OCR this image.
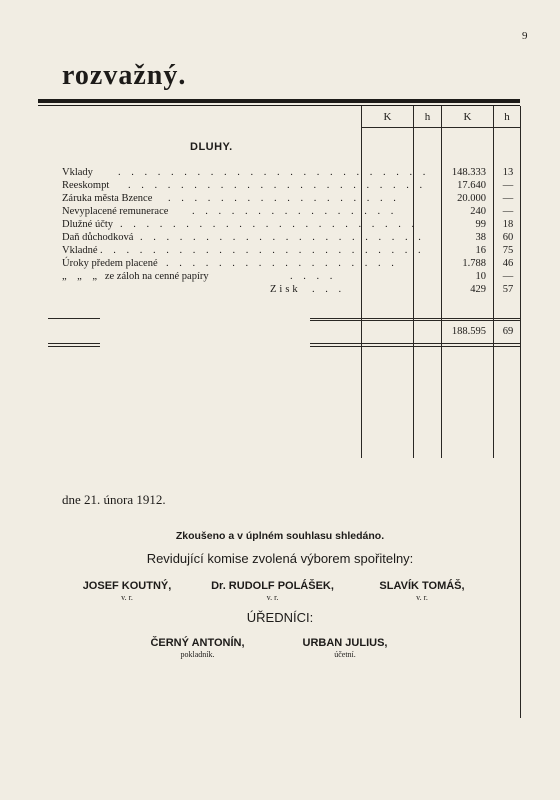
9
rozvažný.
K	h	K	h
DLUHY.
Vklady . . . . . . . . . . . . . . . . . . . . . . . .	148.333	13
Reeskompt . . . . . . . . . . . . . . . . . . . . . . .	17.640	—
Záruka města Bzence . . . . . . . . . . . . . . . . . .	20.000	—
Nevyplacené remunerace . . . . . . . . . . . . . . . .	240	—
Dlužné účty . . . . . . . . . . . . . . . . . . . . . . .	99	18
Daň důchodková . . . . . . . . . . . . . . . . . . . . . .	38	60
Vkladné . . . . . . . . . . . . . . . . . . . . . . . . .	16	75
Úroky předem placené . . . . . . . . . . . . . . . . . .	1.788	46
„    „    „   ze záloh na cenné papíry	. . . .	10	—
Zisk . . .	429	57
188.595	69
dne 21. února 1912.
Zkoušeno a v úplném souhlasu shledáno.
Revidující komise zvolená výborem spořitelny:
JOSEF KOUTNÝ,
v. r.
Dr. RUDOLF POLÁŠEK,
v. r.
SLAVÍK TOMÁŠ,
v. r.
ÚŘEDNÍCI:
ČERNÝ ANTONÍN,
pokladník.
URBAN JULIUS,
účetní.
